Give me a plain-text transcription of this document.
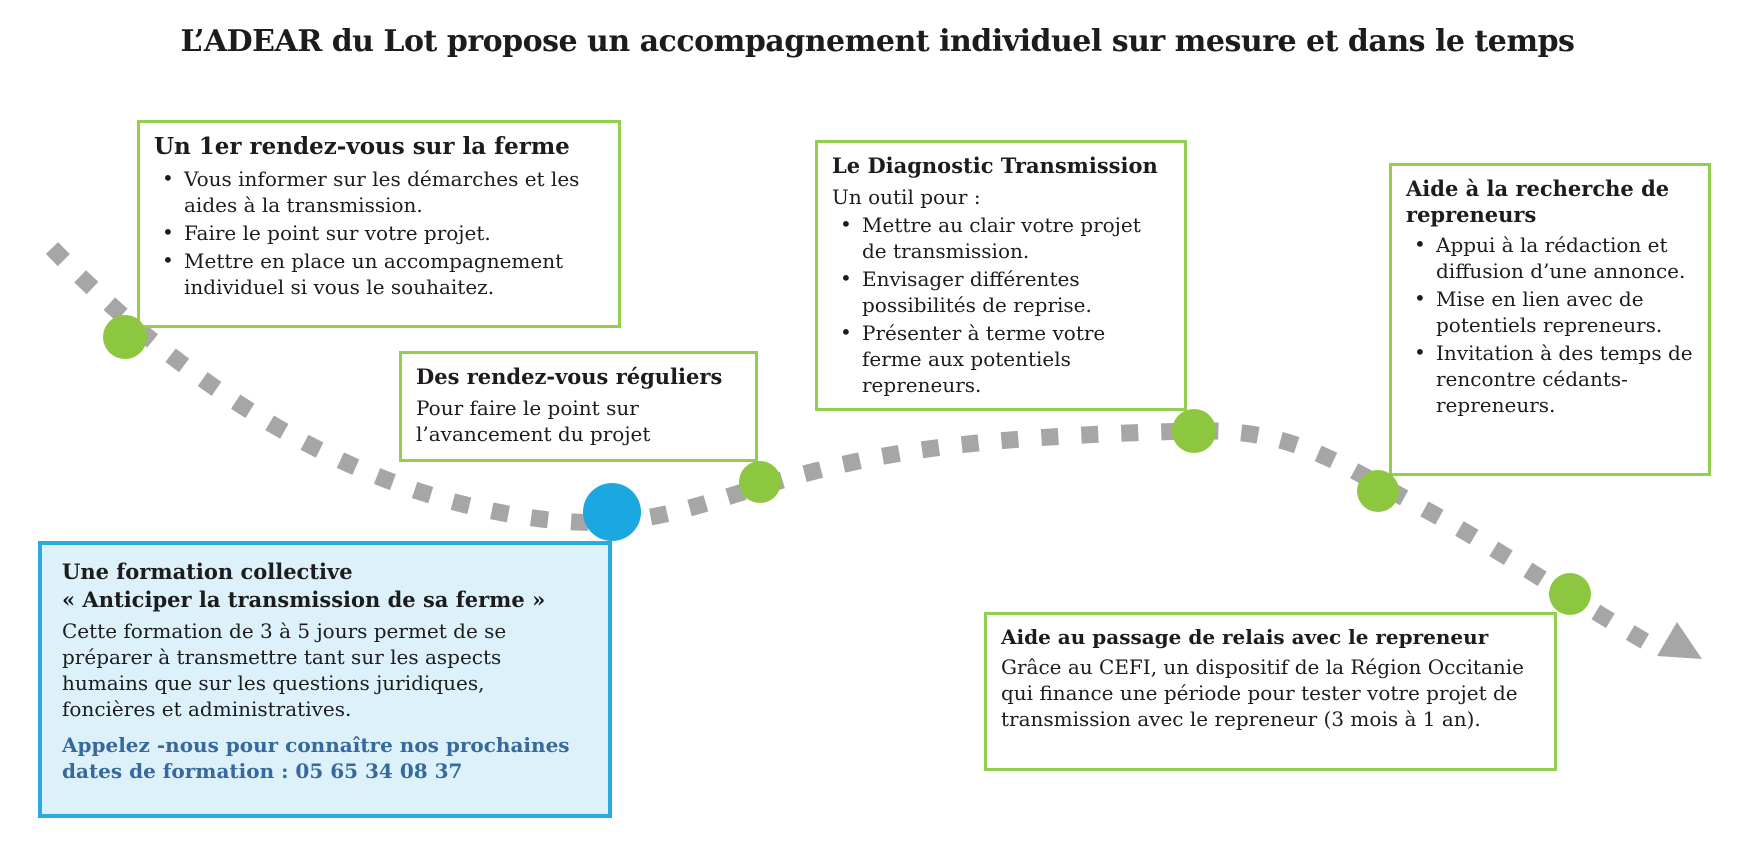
L’ADEAR du Lot propose un accompagnement individuel sur mesure et dans le temps
Un 1er rendez-vous sur la ferme
• Vous informer sur les démarches et les aides à la transmission.
• Faire le point sur votre projet.
• Mettre en place un accompagnement individuel si vous le souhaitez.
Des rendez-vous réguliers

Pour faire le point sur l’avancement du projet

Le Diagnostic Transmission

Un outil pour :

• Mettre au clair votre projet de transmission.
• Envisager différentes possibilités de reprise.
• Présenter à terme votre ferme aux potentiels repreneurs.
Aide à la recherche de repreneurs
• Appui à la rédaction et diffusion d’une annonce.
• Mise en lien avec de potentiels repreneurs.
• Invitation à des temps de rencontre cédants-repreneurs.
Une formation collective
« Anticiper la transmission de sa ferme »

Cette formation de 3 à 5 jours permet de se préparer à transmettre tant sur les aspects humains que sur les questions juridiques, foncières et administratives.

Appelez -nous pour connaître nos prochaines dates de formation : 05 65 34 08 37

Aide au passage de relais avec le repreneur

Grâce au CEFI, un dispositif de la Région Occitanie qui finance une période pour tester votre projet de transmission avec le repreneur (3 mois à 1 an).
